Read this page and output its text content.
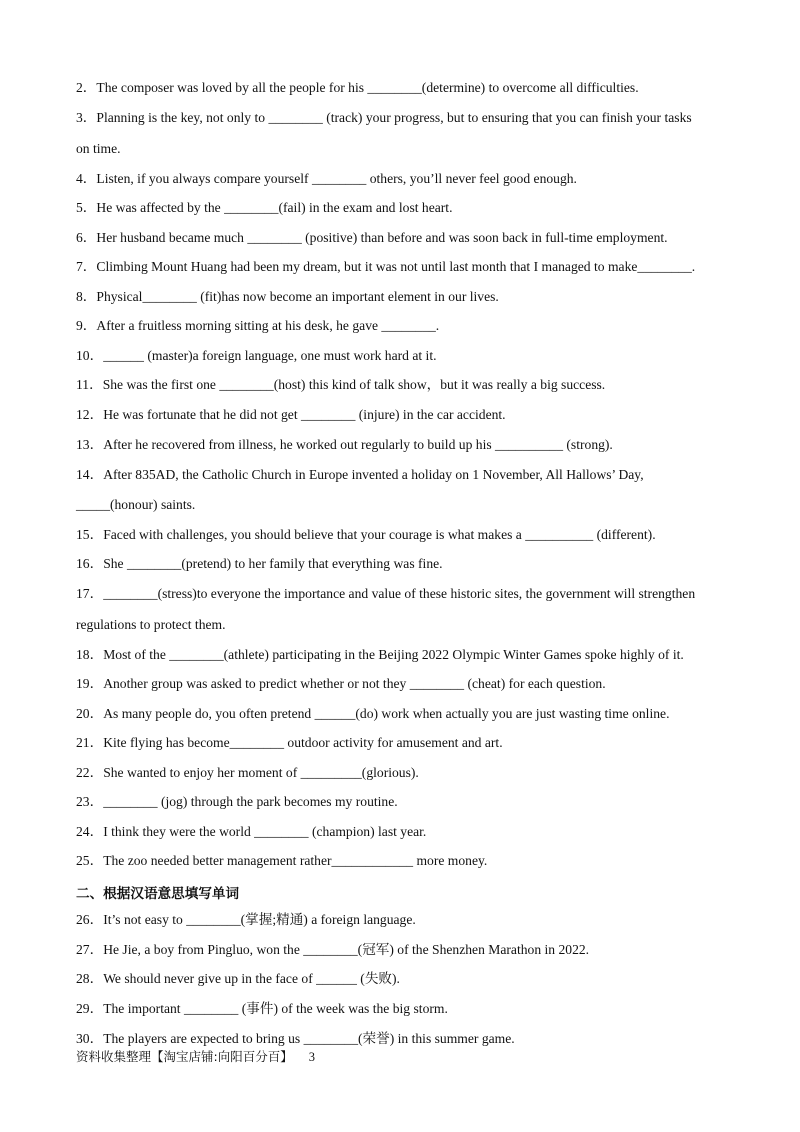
2．The composer was loved by all the people for his ________(determine) to overcome all difficulties.
3．Planning is the key, not only to ________ (track) your progress, but to ensuring that you can finish your tasks
on time.
4．Listen, if you always compare yourself ________ others, you’ll never feel good enough.
5．He was affected by the ________(fail) in the exam and lost heart.
6．Her husband became much ________ (positive) than before and was soon back in full-time employment.
7．Climbing Mount Huang had been my dream, but it was not until last month that I managed to make________.
8．Physical________ (fit)has now become an important element in our lives.
9．After a fruitless morning sitting at his desk, he gave ________.
10．______ (master)a foreign language, one must work hard at it.
11．She was the first one ________(host) this kind of talk show，but it was really a big success.
12．He was fortunate that he did not get ________ (injure) in the car accident.
13．After he recovered from illness, he worked out regularly to build up his __________ (strong).
14．After 835AD, the Catholic Church in Europe invented a holiday on 1 November, All Hallows’ Day,
_____(honour) saints.
15．Faced with challenges, you should believe that your courage is what makes a __________ (different).
16．She ________(pretend) to her family that everything was fine.
17．________(stress)to everyone the importance and value of these historic sites, the government will strengthen
regulations to protect them.
18．Most of the ________(athlete) participating in the Beijing 2022 Olympic Winter Games spoke highly of it.
19．Another group was asked to predict whether or not they ________ (cheat) for each question.
20．As many people do, you often pretend ______(do) work when actually you are just wasting time online.
21．Kite flying has become________ outdoor activity for amusement and art.
22．She wanted to enjoy her moment of _________(glorious).
23．________ (jog) through the park becomes my routine.
24．I think they were the world ________ (champion) last year.
25．The zoo needed better management rather____________ more money.
二、根据汉语意思填写单词
26．It’s not easy to ________(掌握;精通) a foreign language.
27．He Jie, a boy from Pingluo, won the ________(冠军) of the Shenzhen Marathon in 2022.
28．We should never give up in the face of ______ (失败).
29．The important ________ (事件) of the week was the big storm.
30．The players are expected to bring us ________(荣誉) in this summer game.
资料收集整理【淘宝店铺:向阳百分百】 3
